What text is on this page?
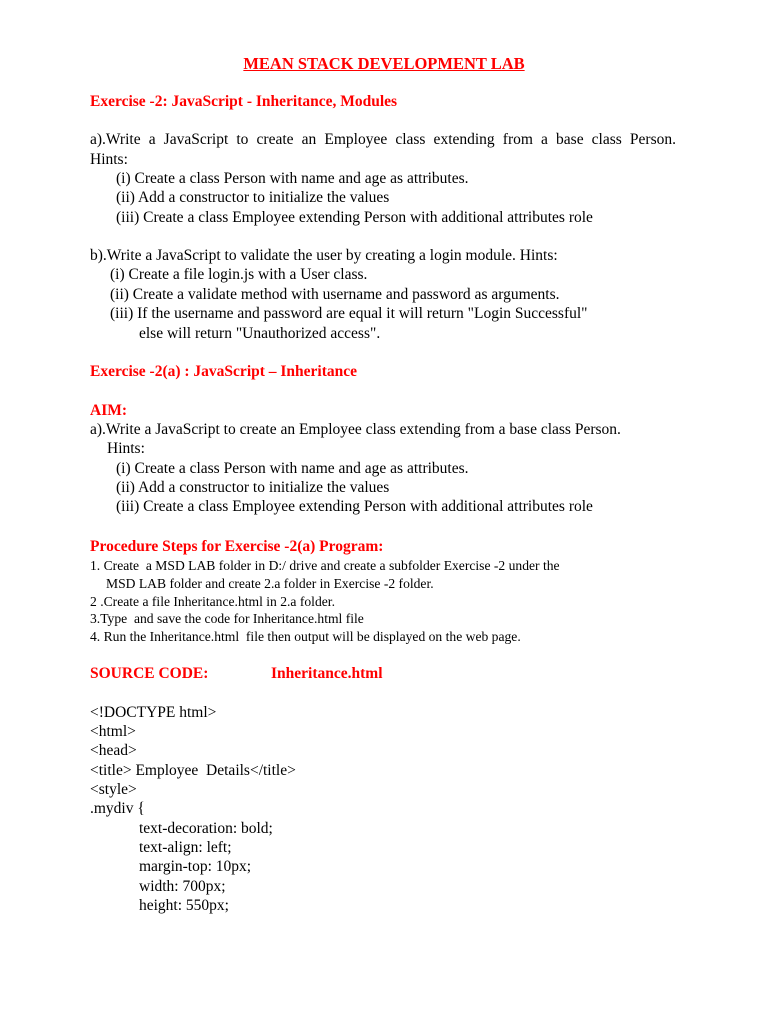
MEAN STACK DEVELOPMENT LAB
Exercise -2: JavaScript - Inheritance, Modules
a).Write a JavaScript to create an Employee class extending from a base class Person.
Hints:
(i) Create a class Person with name and age as attributes.
(ii) Add a constructor to initialize the values
(iii) Create a class Employee extending Person with additional attributes role
b).Write a JavaScript to validate the user by creating a login module. Hints:
(i) Create a file login.js with a User class.
(ii) Create a validate method with username and password as arguments.
(iii) If the username and password are equal it will return "Login Successful"
else will return "Unauthorized access".
Exercise -2(a) : JavaScript – Inheritance
AIM:
a).Write a JavaScript to create an Employee class extending from a base class Person.
Hints:
(i) Create a class Person with name and age as attributes.
(ii) Add a constructor to initialize the values
(iii) Create a class Employee extending Person with additional attributes role
Procedure Steps for Exercise -2(a) Program:
1. Create  a MSD LAB folder in D:/ drive and create a subfolder Exercise -2 under the
MSD LAB folder and create 2.a folder in Exercise -2 folder.
2 .Create a file Inheritance.html in 2.a folder.
3.Type  and save the code for Inheritance.html file
4. Run the Inheritance.html  file then output will be displayed on the web page.
SOURCE CODE:	Inheritance.html
<!DOCTYPE html>
<html>
<head>
<title> Employee  Details</title>
<style>
.mydiv {
text-decoration: bold;
text-align: left;
margin-top: 10px;
width: 700px;
height: 550px;
